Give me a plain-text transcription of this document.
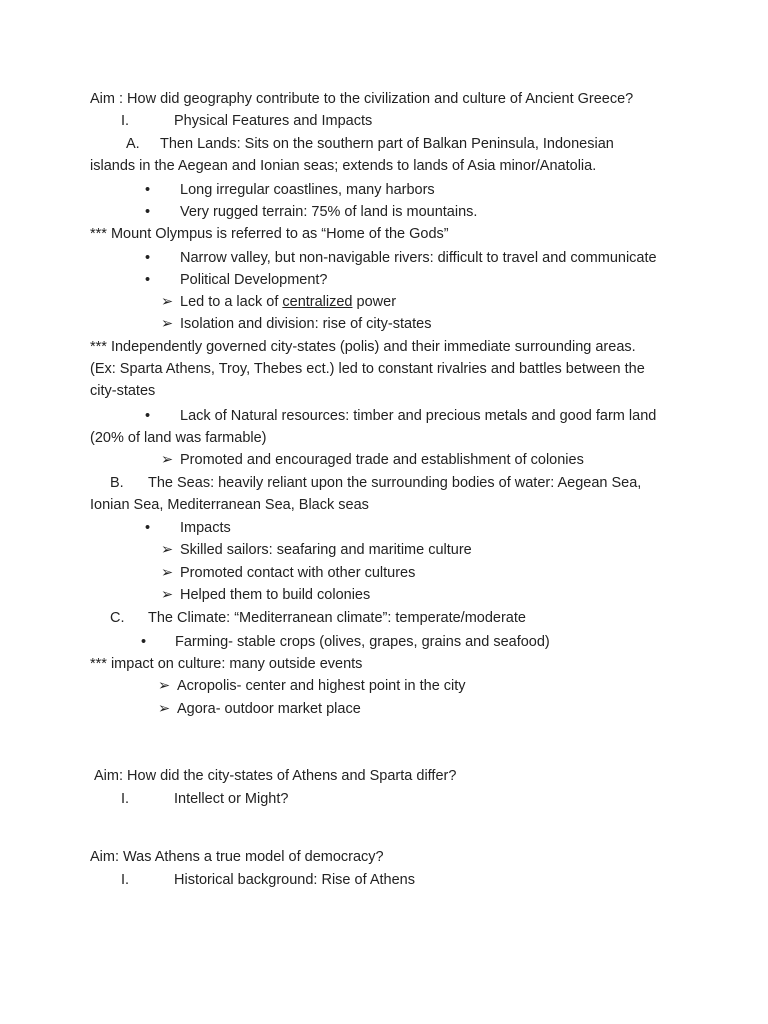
Aim : How did geography contribute to the civilization and culture of Ancient Greece?
I.	Physical Features and Impacts
A. Then Lands: Sits on the southern part of Balkan Peninsula, Indonesian
islands in the Aegean and Ionian seas; extends to lands of Asia minor/Anatolia.
• Long irregular coastlines, many harbors
• Very rugged terrain: 75% of land is mountains.
*** Mount Olympus is referred to as “Home of the Gods”
• Narrow valley, but non-navigable rivers: difficult to travel and communicate
• Political Development?
➢ Led to a lack of centralized power
➢ Isolation and division: rise of city-states
*** Independently governed city-states (polis) and their immediate surrounding areas.
(Ex: Sparta Athens, Troy, Thebes ect.) led to constant rivalries and battles between the
city-states
• Lack of Natural resources: timber and precious metals and good farm land
(20% of land was farmable)
➢ Promoted and encouraged trade and establishment of colonies
B. The Seas: heavily reliant upon the surrounding bodies of water: Aegean Sea,
Ionian Sea, Mediterranean Sea, Black seas
• Impacts
➢ Skilled sailors: seafaring and maritime culture
➢ Promoted contact with other cultures
➢ Helped them to build colonies
C. The Climate: “Mediterranean climate”: temperate/moderate
• Farming- stable crops (olives, grapes, grains and seafood)
*** impact on culture: many outside events
➢ Acropolis- center and highest point in the city
➢ Agora- outdoor market place
Aim: How did the city-states of Athens and Sparta differ?
I.	Intellect or Might?
Aim: Was Athens a true model of democracy?
I.	Historical background: Rise of Athens
